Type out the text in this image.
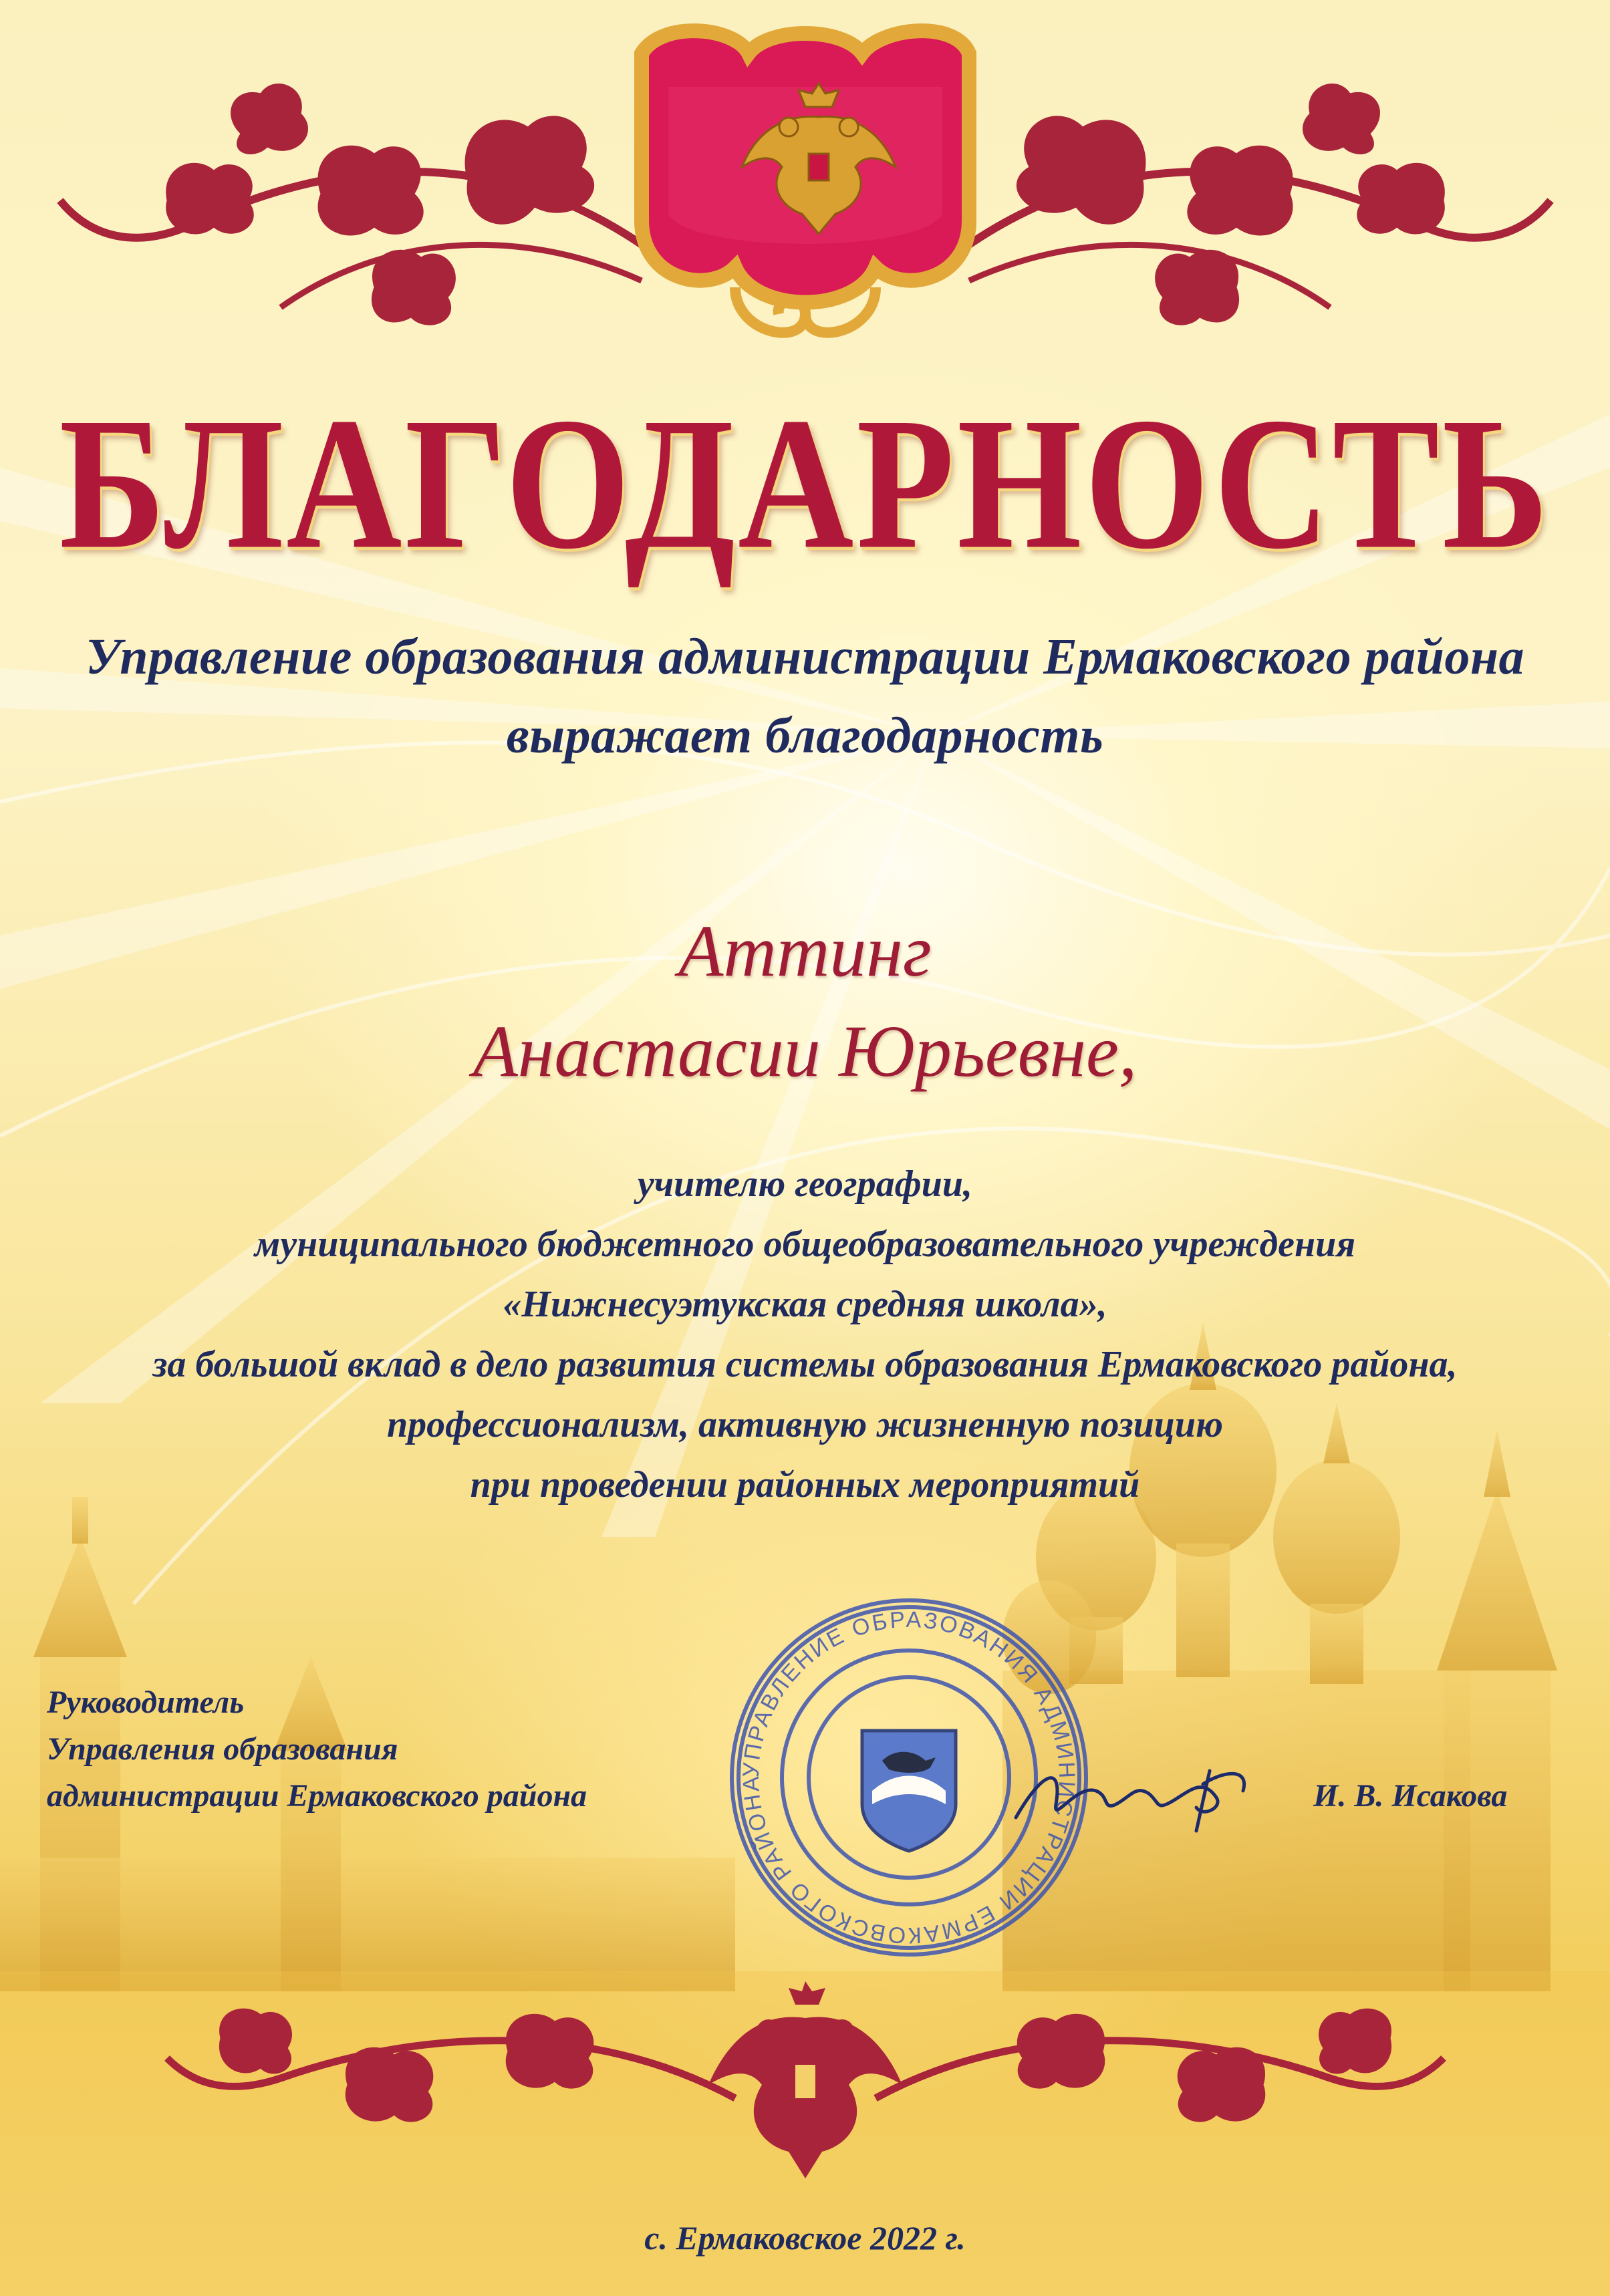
БЛАГОДАРНОСТЬ

Управление образования администрации Ермаковского района

выражает благодарность

Аттинг

Анастасии Юрьевне,

учителю географии,

муниципального бюджетного общеобразовательного учреждения

«Нижнесуэтукская средняя школа»,

за большой вклад в дело развития системы образования Ермаковского района,

профессионализм, активную жизненную позицию

при проведении районных мероприятий

Руководитель

Управления образования

администрации Ермаковского района	И. В. Исакова

УПРАВЛЕНИЕ ОБРАЗОВАНИЯ АДМИНИСТРАЦИИ ЕРМАКОВСКОГО РАЙОНА

с. Ермаковское 2022 г.
